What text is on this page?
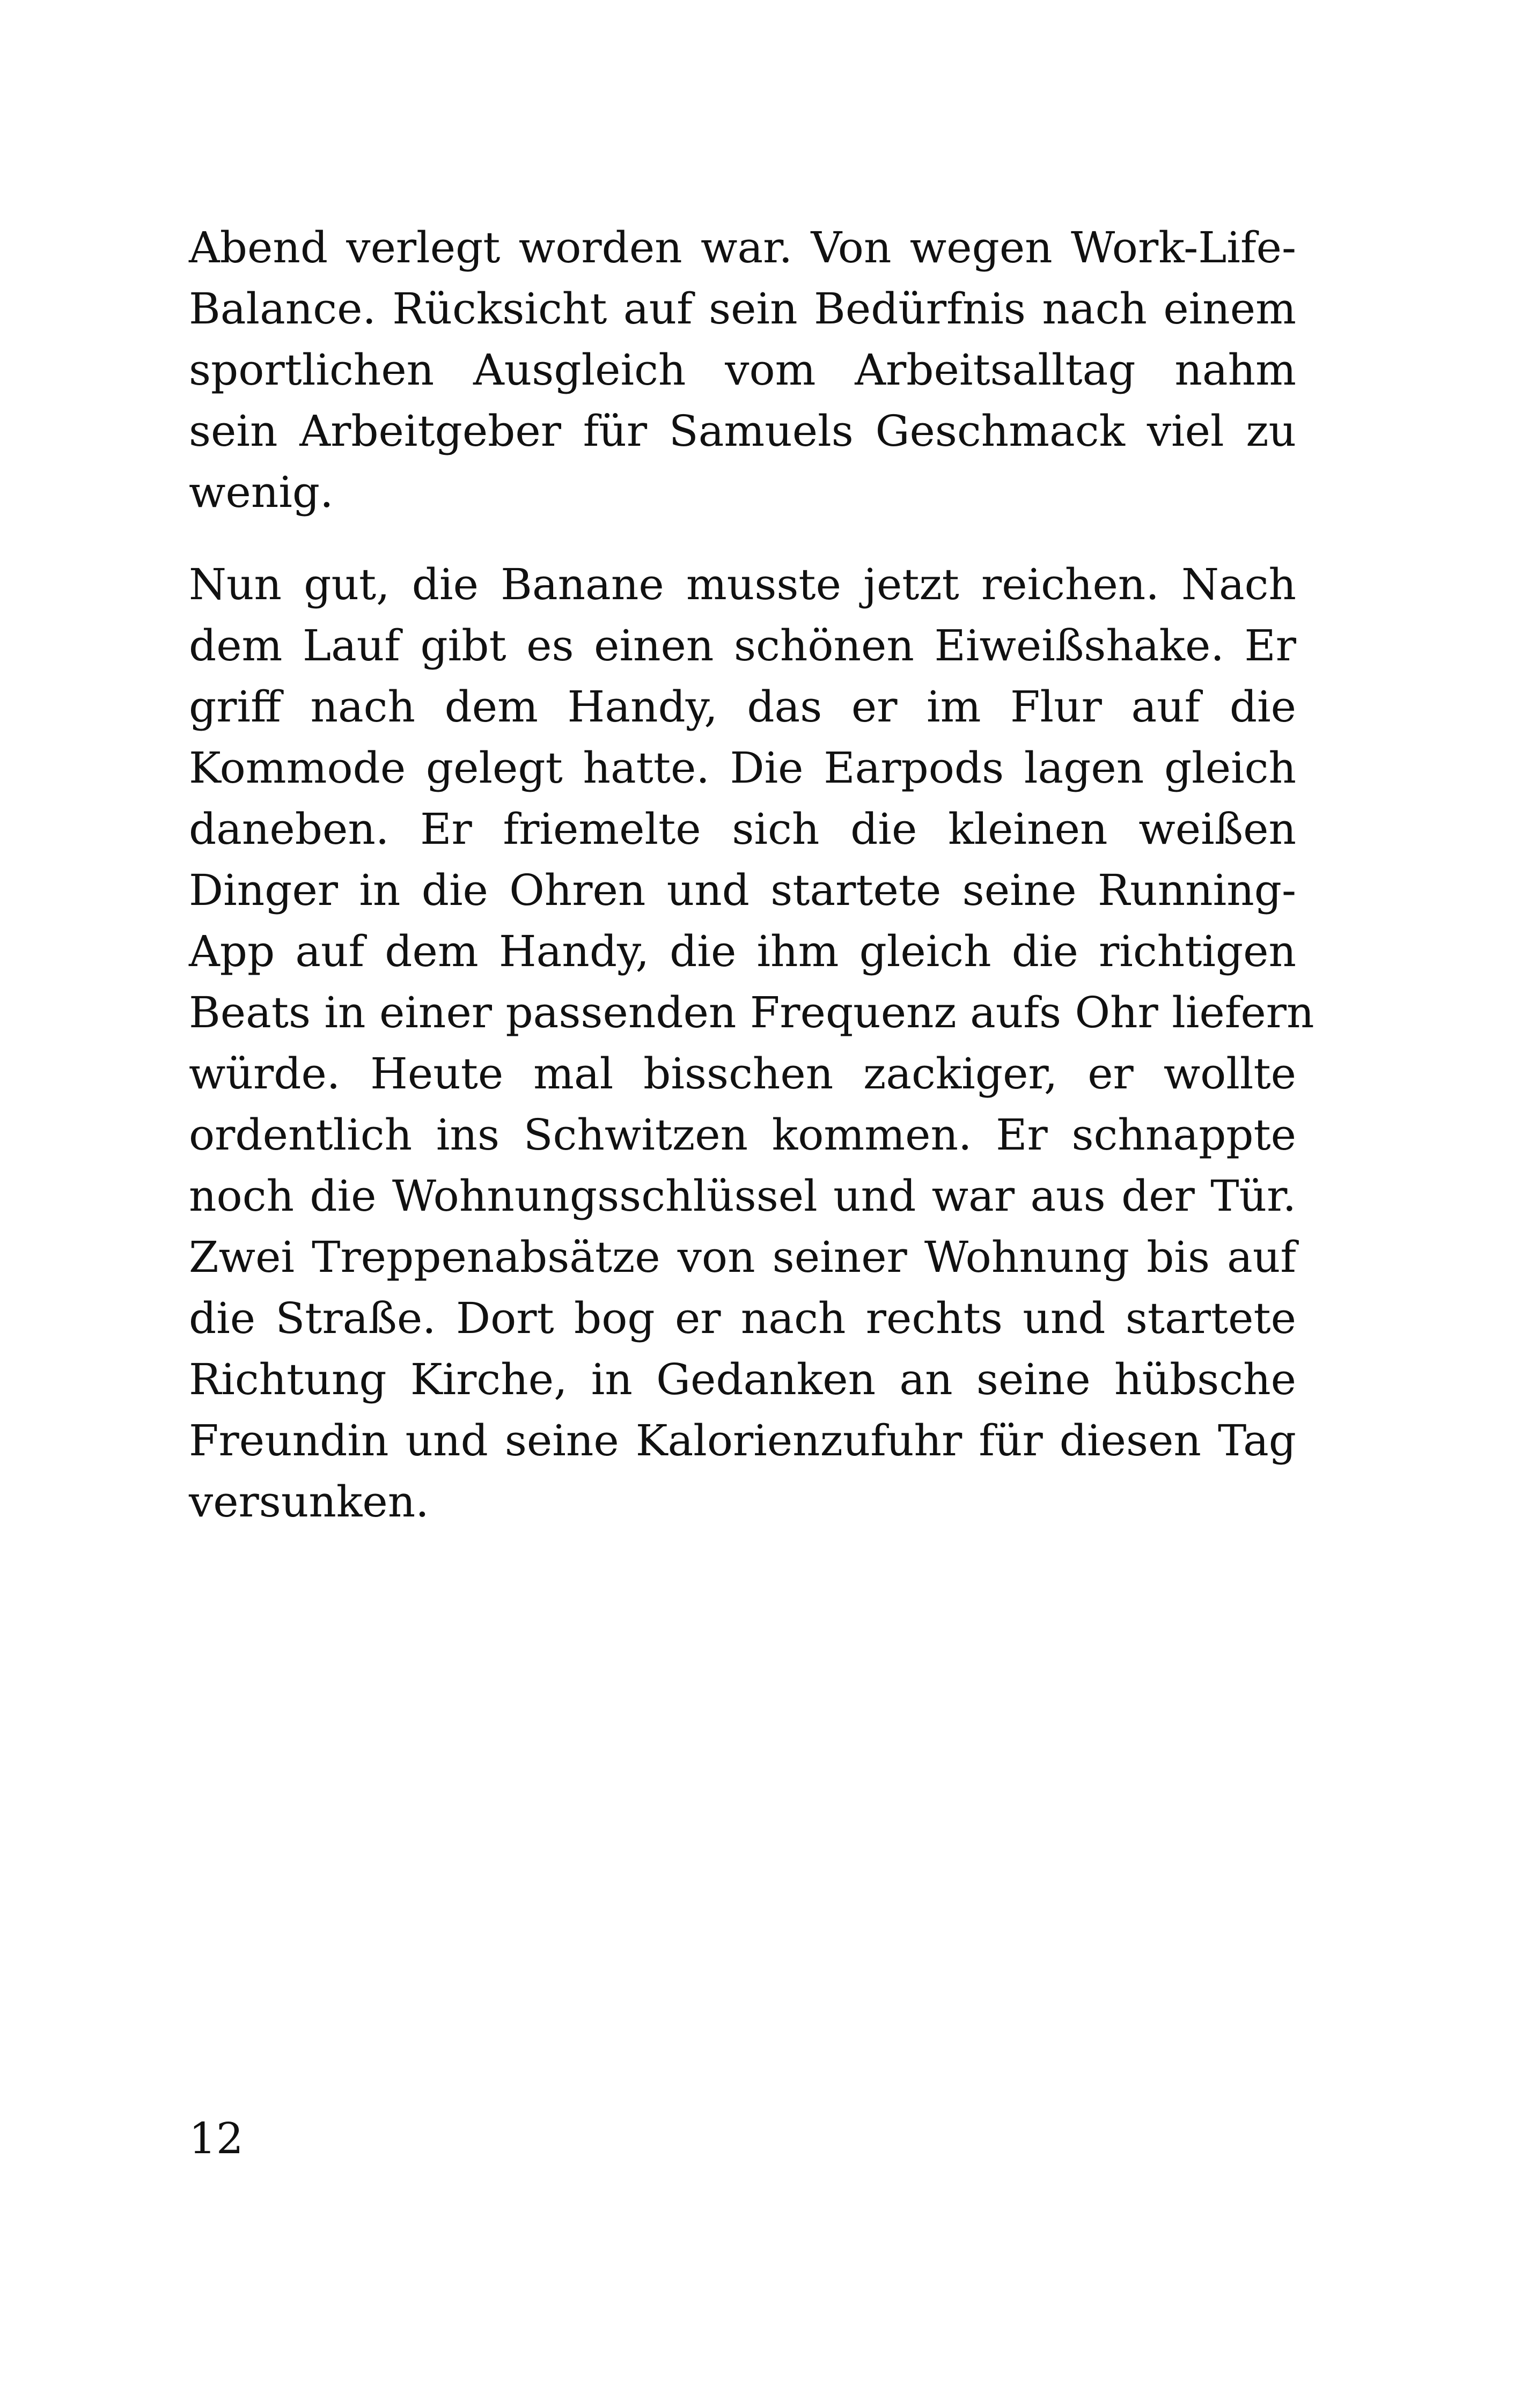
Abend verlegt worden war. Von wegen Work-Life-
Balance. Rücksicht auf sein Bedürfnis nach einem
sportlichen Ausgleich vom Arbeitsalltag nahm
sein Arbeitgeber für Samuels Geschmack viel zu
wenig.
Nun gut, die Banane musste jetzt reichen. Nach
dem Lauf gibt es einen schönen Eiweißshake. Er
griff nach dem Handy, das er im Flur auf die
Kommode gelegt hatte. Die Earpods lagen gleich
daneben. Er friemelte sich die kleinen weißen
Dinger in die Ohren und startete seine Running-
App auf dem Handy, die ihm gleich die richtigen
Beats in einer passenden Frequenz aufs Ohr liefern
würde. Heute mal bisschen zackiger, er wollte
ordentlich ins Schwitzen kommen. Er schnappte
noch die Wohnungsschlüssel und war aus der Tür.
Zwei Treppenabsätze von seiner Wohnung bis auf
die Straße. Dort bog er nach rechts und startete
Richtung Kirche, in Gedanken an seine hübsche
Freundin und seine Kalorienzufuhr für diesen Tag
versunken.
12
